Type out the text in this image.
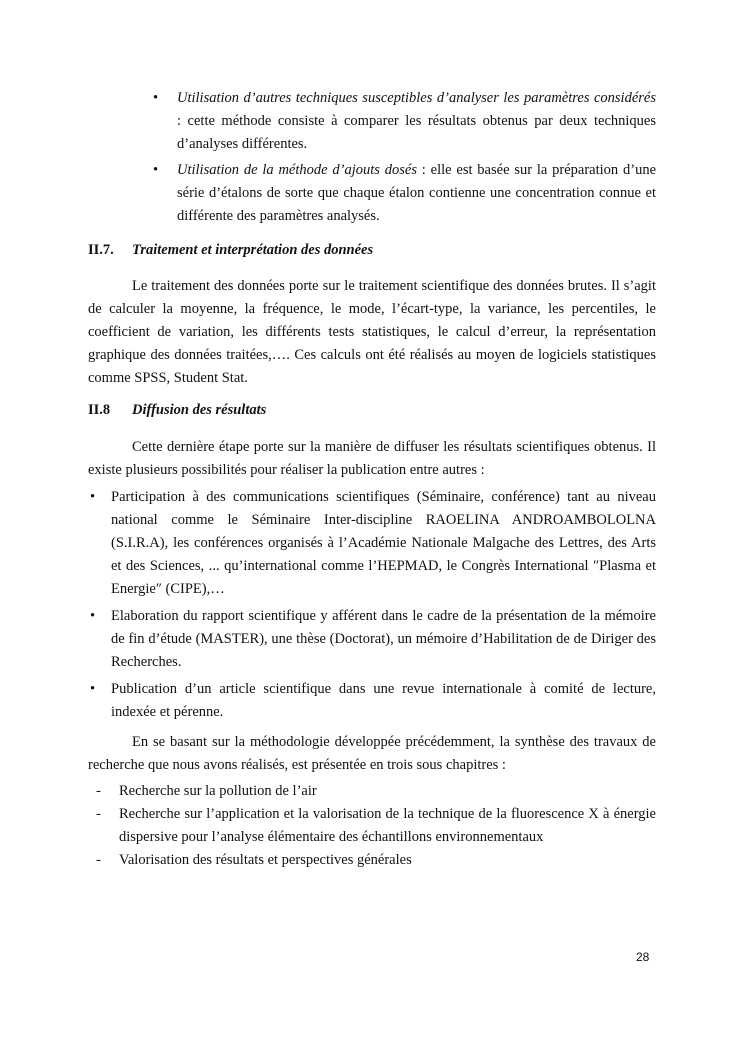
• Utilisation d’autres techniques susceptibles d’analyser les paramètres considérés : cette méthode consiste à comparer les résultats obtenus par deux techniques d’analyses différentes.
• Utilisation de la méthode d’ajouts dosés : elle est basée sur la préparation d’une série d’étalons de sorte que chaque étalon contienne une concentration connue et différente des paramètres analysés.
II.7. Traitement et interprétation des données
Le traitement des données porte sur le traitement scientifique des données brutes. Il s’agit de calculer la moyenne, la fréquence, le mode, l’écart-type, la variance, les percentiles, le coefficient de variation, les différents tests statistiques, le calcul d’erreur, la représentation graphique des données traitées,…. Ces calculs ont été réalisés au moyen de logiciels statistiques comme SPSS, Student Stat.
II.8 Diffusion des résultats
Cette dernière étape porte sur la manière de diffuser les résultats scientifiques obtenus. Il existe plusieurs possibilités pour réaliser la publication entre autres :
• Participation à des communications scientifiques (Séminaire, conférence) tant au niveau national comme le Séminaire Inter-discipline RAOELINA ANDROAMBOLOLNA (S.I.R.A), les conférences organisés à l’Académie Nationale Malgache des Lettres, des Arts et des Sciences, ... qu’international comme l’HEPMAD, le Congrès International ″Plasma et Energie″ (CIPE),…
• Elaboration du rapport scientifique y afférent dans le cadre de la présentation de la mémoire de fin d’étude (MASTER), une thèse (Doctorat), un mémoire d’Habilitation de de Diriger des Recherches.
• Publication d’un article scientifique dans une revue internationale à comité de lecture, indexée et pérenne.
En se basant sur la méthodologie développée précédemment, la synthèse des travaux de recherche que nous avons réalisés, est présentée en trois sous chapitres :
- Recherche sur la pollution de l’air
- Recherche sur l’application et la valorisation de la technique de la fluorescence X à énergie dispersive pour l’analyse élémentaire des échantillons environnementaux
- Valorisation des résultats et perspectives générales
28
